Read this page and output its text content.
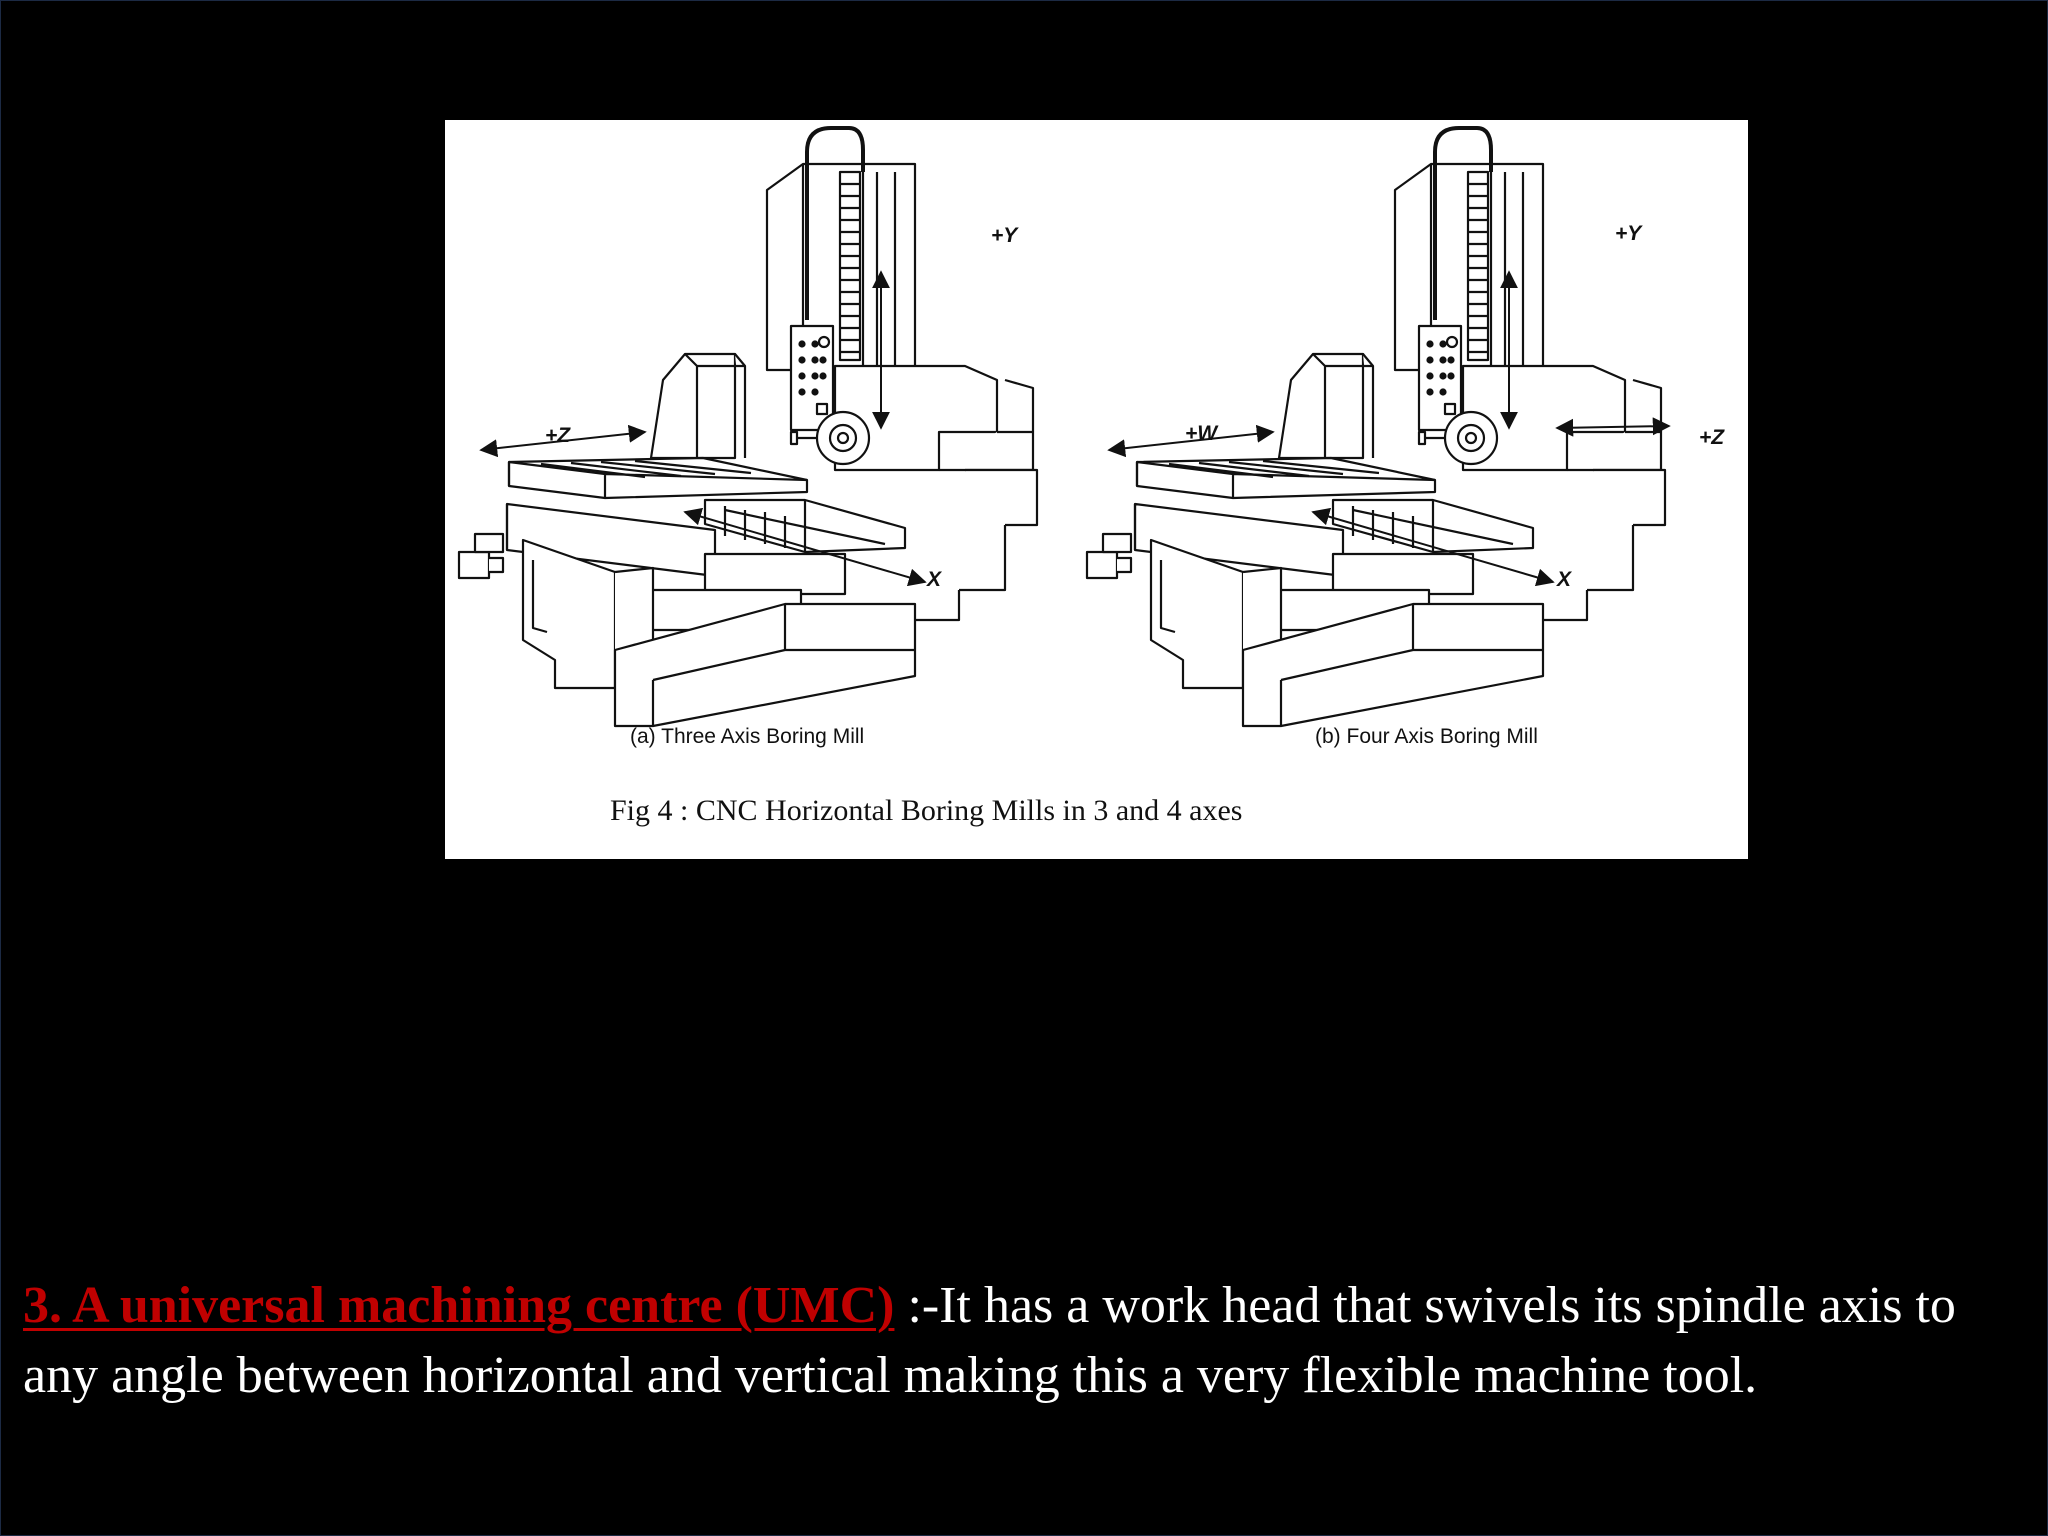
+Y
+Z
X
+Y
+W	+Z
X
(a) Three Axis Boring Mill	(b) Four Axis Boring Mill
Fig 4 : CNC Horizontal Boring Mills in 3 and 4 axes
3. A universal machining centre (UMC) :-It has a work head that swivels its spindle axis to any angle between horizontal and vertical making this a very flexible machine tool.
